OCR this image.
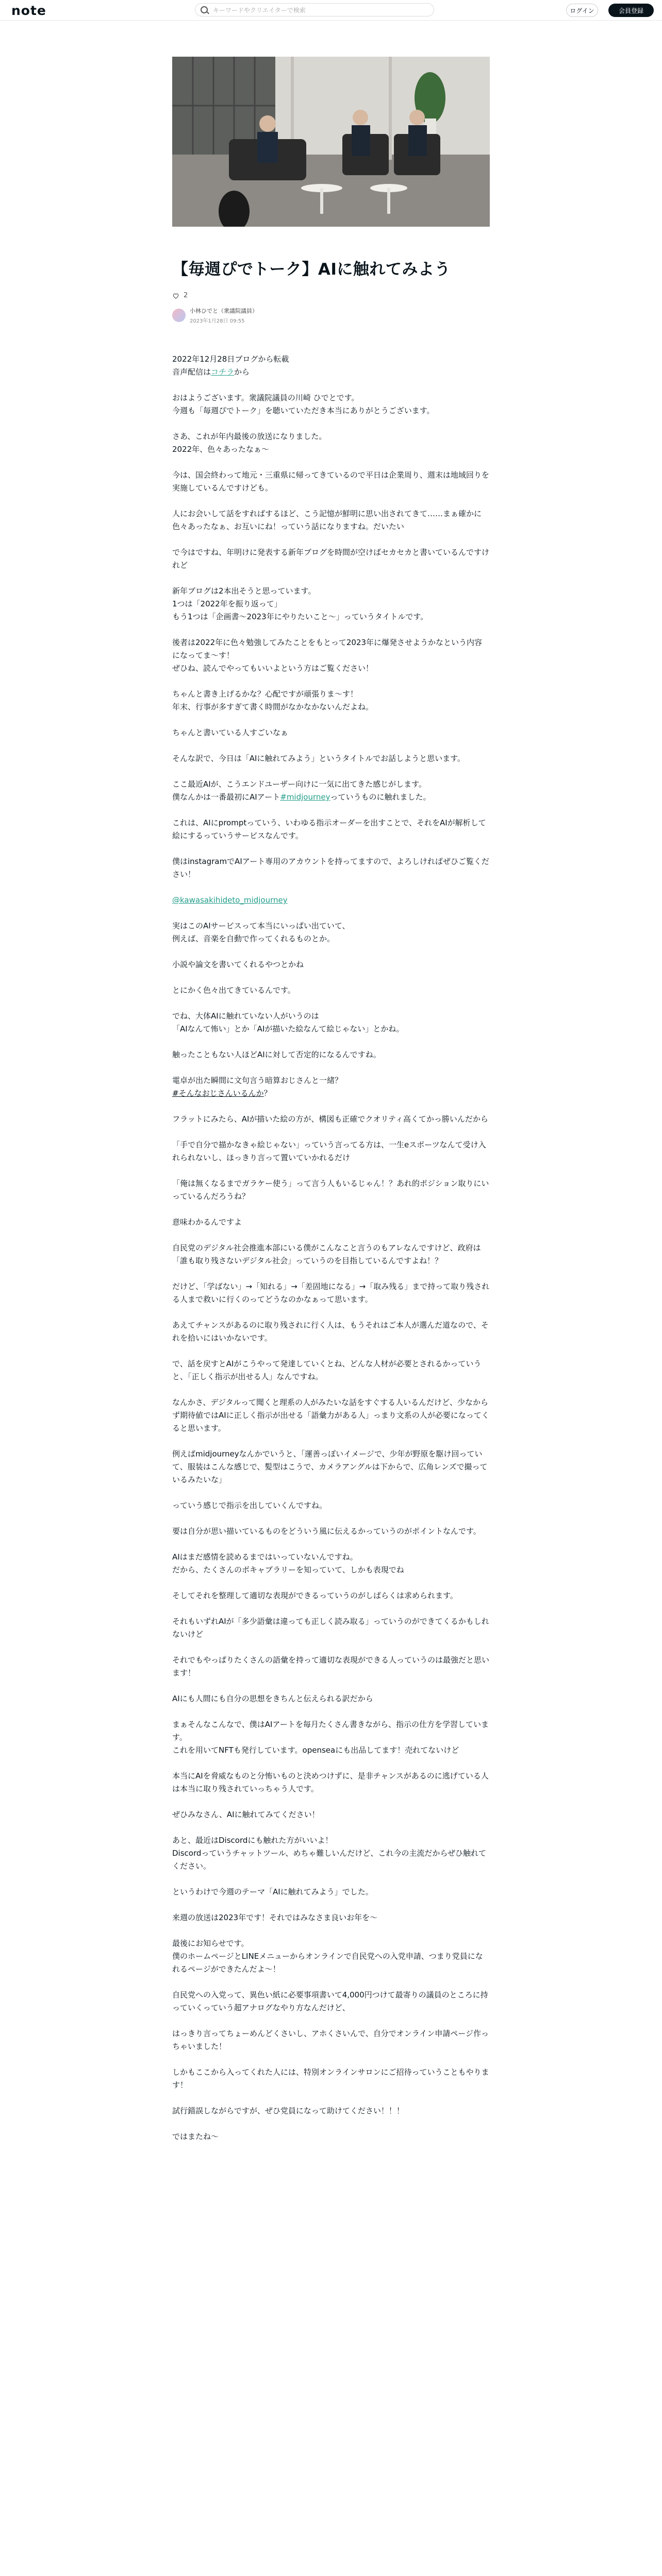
note	キーワードやクリエイターで検索	ログイン	会員登録
【毎週ぴでトーク】AIに触れてみよう
2
小林ひでと（衆議院議員）
2023年1月28日 09:55

2022年12月28日ブログから転載
音声配信はコチラから

おはようございます。衆議院議員の川崎 ひでとです。
今週も「毎週ぴでトーク」を聴いていただき本当にありがとうございます。

さあ、これが年内最後の放送になりました。
2022年、色々あったなぁ〜

今は、国会終わって地元・三重県に帰ってきているので平日は企業周り、週末は地域回りを実施しているんですけども。

人にお会いして話をすればするほど、こう記憶が鮮明に思い出されてきて……まぁ確かに色々あったなぁ、お互いにね！っていう話になりますね。だいたい

で今はですね、年明けに発表する新年ブログを時間が空けばセカセカと書いているんですけれど

新年ブログは2本出そうと思っています。
1つは「2022年を振り返って」
もう1つは「企画書〜2023年にやりたいこと〜」っていうタイトルです。

後者は2022年に色々勉強してみたことをもとって2023年に爆発させようかなという内容になってま〜す！
ぜひね、読んでやってもいいよという方はご覧ください！

ちゃんと書き上げるかな？心配ですが頑張りま〜す！
年末、行事が多すぎて書く時間がなかなかないんだよね。

ちゃんと書いている人すごいなぁ

そんな訳で、今日は「AIに触れてみよう」というタイトルでお話しようと思います。

ここ最近AIが、こうエンドユーザー向けに一気に出てきた感じがします。
僕なんかは一番最初にAIアート#midjourneyっていうものに触れました。

これは、AIにpromptっていう、いわゆる指示オーダーを出すことで、それをAIが解析して絵にするっていうサービスなんです。

僕はinstagramでAIアート専用のアカウントを持ってますので、よろしければぜひご覧ください！

@kawasakihideto_midjourney

実はこのAIサービスって本当にいっぱい出ていて、
例えば、音楽を自動で作ってくれるものとか。

小説や論文を書いてくれるやつとかね

とにかく色々出てきているんです。

でね、大体AIに触れていない人がいうのは
「AIなんて怖い」とか「AIが描いた絵なんて絵じゃない」とかね。

触ったこともない人ほどAIに対して否定的になるんですね。

電卓が出た瞬間に文句言う暗算おじさんと一緒？
#そんなおじさんいるんか？

フラットにみたら、AIが描いた絵の方が、構図も正確でクオリティ高くてかっ勝いんだから

「手で自分で描かなきゃ絵じゃない」っていう言ってる方は、一生eスポーツなんて受け入れられないし、ほっきり言って置いていかれるだけ

「俺は無くなるまでガラケー使う」って言う人もいるじゃん！？あれ的ポジション取りにいっているんだろうね？

意味わかるんですよ

自民党のデジタル社会推進本部にいる僕がこんなこと言うのもアレなんですけど、政府は「誰も取り残さないデジタル社会」っていうのを目指しているんですよね！？

だけど、「学ばない」→「知れる」→「差固地になる」→「取み残る」まで持って取り残される人まで救いに行くのってどうなのかなぁって思います。

あえてチャンスがあるのに取り残されに行く人は、もうそれはご本人が選んだ道なので、それを拾いにはいかないです。

で、話を戻すとAIがこうやって発達していくとね、どんな人材が必要とされるかっていうと、「正しく指示が出せる人」なんですね。

なんかさ、デジタルって聞くと理系の人がみたいな話をすぐする人いるんだけど、少なからず期待値ではAIに正しく指示が出せる「語彙力がある人」っまり文系の人が必要になってくると思います。

例えばmidjourneyなんかでいうと、「運善っぽいイメージで、少年が野原を駆け回っていて、服装はこんな感じで、髪型はこうで、カメラアングルは下からで、広角レンズで撮っているみたいな」

っていう感じで指示を出していくんですね。

要は自分が思い描いているものをどういう風に伝えるかっていうのがポイントなんです。

AIはまだ感情を読めるまではいっていないんですね。
だから、たくさんのボキャブラリーを知っていて、しかも表現でね

そしてそれを整理して適切な表現ができるっていうのがしばらくは求められます。

それもいずれAIが「多少語彙は違っても正しく読み取る」っていうのができてくるかもしれないけど

それでもやっぱりたくさんの語彙を持って適切な表現ができる人っていうのは最強だと思います！

AIにも人間にも自分の思想をきちんと伝えられる訳だから

まぁそんなこんなで、僕はAIアートを毎月たくさん書きながら、指示の仕方を学習しています。
これを用いてNFTも発行しています。openseaにも出品してます！売れてないけど

本当にAIを脅威なものと分怖いものと決めつけずに、是非チャンスがあるのに逃げている人は本当に取り残されていっちゃう人です。

ぜひみなさん、AIに触れてみてください！

あと、最近はDiscordにも触れた方がいいよ！
Discordっていうチャットツール、めちゃ難しいんだけど、これ今の主流だからぜひ触れてください。

というわけで今週のテーマ「AIに触れてみよう」でした。

来週の放送は2023年です！それではみなさま良いお年を〜

最後にお知らせです。
僕のホームページとLINEメニューからオンラインで自民党への入党申請、つまり党員になれるページができたんだよ〜！

自民党への入党って、異色い紙に必要事項書いて4,000円つけて最寄りの議員のところに持っていくっていう超アナログなやり方なんだけど、

はっきり言ってちょーめんどくさいし、アホくさいんで、自分でオンライン申請ページ作っちゃいました！

しかもここから入ってくれた人には、特別オンラインサロンにご招待っていうこともやります！

試行錯誤しながらですが、ぜひ党員になって助けてください！！！

ではまたね〜
